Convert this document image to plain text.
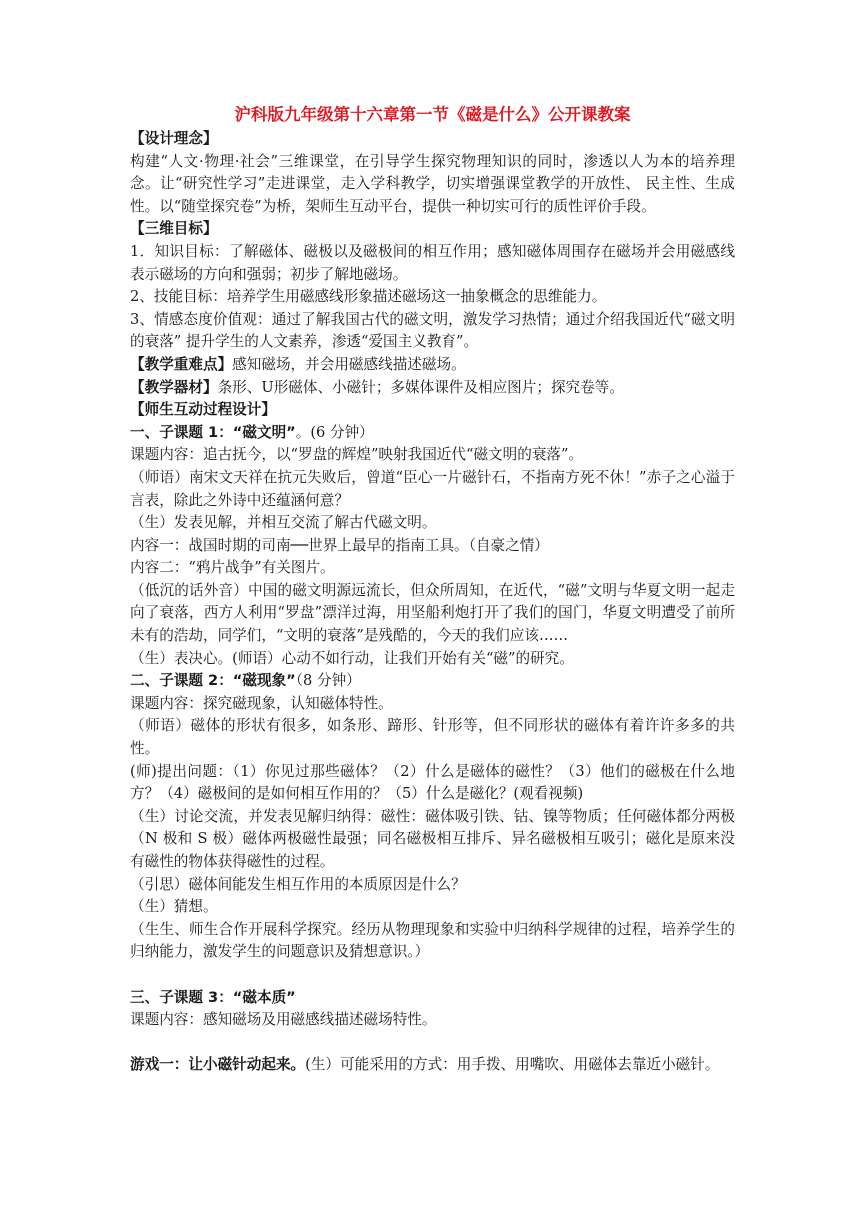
沪科版九年级第十六章第一节《磁是什么》公开课教案

【设计理念】

构建“人文·物理·社会”三维课堂，在引导学生探究物理知识的同时，渗透以人为本的培养理念。让“研究性学习”走进课堂，走入学科教学，切实增强课堂教学的开放性、 民主性、生成性。以“随堂探究卷”为桥，架师生互动平台，提供一种切实可行的质性评价手段。

【三维目标】

1．知识目标：了解磁体、磁极以及磁极间的相互作用；感知磁体周围存在磁场并会用磁感线表示磁场的方向和强弱；初步了解地磁场。

2、技能目标：培养学生用磁感线形象描述磁场这一抽象概念的思维能力。

3、情感态度价值观：通过了解我国古代的磁文明，激发学习热情；通过介绍我国近代“磁文明的衰落” 提升学生的人文素养，渗透“爱国主义教育”。

【教学重难点】感知磁场，并会用磁感线描述磁场。

【教学器材】条形、U形磁体、小磁针；多媒体课件及相应图片；探究卷等。

【师生互动过程设计】

一、子课题 1：“磁文明”。(6 分钟）

课题内容：追古抚今，以“罗盘的辉煌”映射我国近代“磁文明的衰落”。

（师语）南宋文天祥在抗元失败后，曾道“臣心一片磁针石，不指南方死不休！”赤子之心溢于言表，除此之外诗中还蕴涵何意？

（生）发表见解，并相互交流了解古代磁文明。

内容一：战国时期的司南──世界上最早的指南工具。（自豪之情）

内容二：“鸦片战争”有关图片。

（低沉的话外音）中国的磁文明源远流长，但众所周知，在近代，“磁”文明与华夏文明一起走向了衰落，西方人利用“罗盘”漂洋过海，用坚船利炮打开了我们的国门，华夏文明遭受了前所未有的浩劫，同学们，“文明的衰落”是残酷的，今天的我们应该……

（生）表决心。(师语）心动不如行动，让我们开始有关“磁”的研究。

二、子课题 2：“磁现象”（8 分钟）

课题内容：探究磁现象，认知磁体特性。

（师语）磁体的形状有很多，如条形、蹄形、针形等，但不同形状的磁体有着许许多多的共性。

(师)提出问题：（1）你见过那些磁体？（2）什么是磁体的磁性？（3）他们的磁极在什么地方？（4）磁极间的是如何相互作用的？（5）什么是磁化？(观看视频)

（生）讨论交流，并发表见解归纳得：磁性：磁体吸引铁、钴、镍等物质；任何磁体都分两极（N 极和 S 极）磁体两极磁性最强；同名磁极相互排斥、异名磁极相互吸引；磁化是原来没有磁性的物体获得磁性的过程。

（引思）磁体间能发生相互作用的本质原因是什么？

（生）猜想。

（生生、师生合作开展科学探究。经历从物理现象和实验中归纳科学规律的过程，培养学生的归纳能力，激发学生的问题意识及猜想意识。）

三、子课题 3：“磁本质”

课题内容：感知磁场及用磁感线描述磁场特性。

游戏一：让小磁针动起来。(生）可能采用的方式：用手拨、用嘴吹、用磁体去靠近小磁针。
